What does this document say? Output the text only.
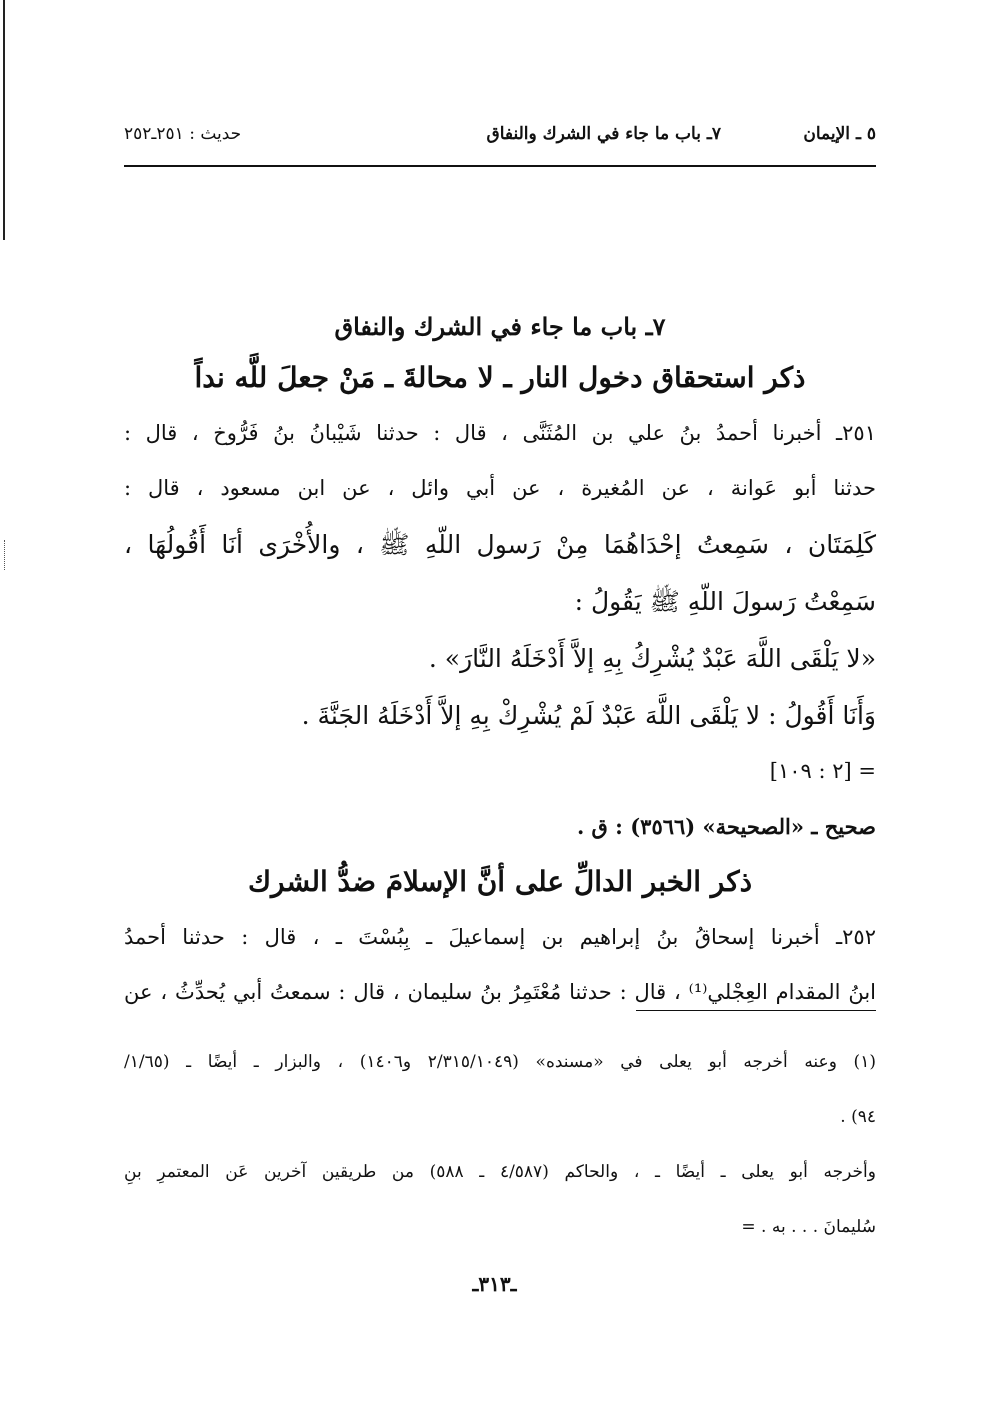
٥ ـ الإيمان
٧ـ باب ما جاء في الشرك والنفاق
حديث : ٢٥١ـ٢٥٢
٧ـ باب ما جاء في الشرك والنفاق
ذكر استحقاق دخول النار ـ لا محالةَ ـ مَنْ جعلَ للَّه نداً

٢٥١ـ أخبرنا أحمدُ بنُ علي بن المُثَنَّى ، قال : حدثنا شَيْبانُ بنُ فَرُّوخ ، قال :

حدثنا أبو عَوانة ، عن المُغيرة ، عن أبي وائل ، عن ابن مسعود ، قال :

كَلِمَتَان ، سَمِعتُ إحْدَاهُمَا مِنْ رَسول اللّهِ ﷺ ، والأُخْرَى أنَا أَقُولُهَا ،

سَمِعْتُ رَسولَ اللّهِ ﷺ يَقُولُ :

«لا يَلْقَى اللَّهَ عَبْدٌ يُشْرِكُ بِهِ إلاَّ أَدْخَلَهُ النَّارَ» .

وَأَنَا أَقُولُ : لا يَلْقَى اللَّهَ عَبْدٌ لَمْ يُشْرِكْ بِهِ إلاَّ أَدْخَلَهُ الجَنَّةَ .

= [٢ : ١٠٩]

صحيح ـ «الصحيحة» (٣٥٦٦) : ق .

ذكر الخبر الدالِّ على أنَّ الإسلامَ ضدُّ الشرك

٢٥٢ـ أخبرنا إسحاقُ بنُ إبراهيم بن إسماعيلَ ـ بِبُسْتَ ـ ، قال : حدثنا أحمدُ

ابنُ المقدام العِجْلي⁽¹⁾ ، قال : حدثنا مُعْتَمِرُ بنُ سليمان ، قال : سمعتُ أبي يُحدِّثُ ، عن

(١) وعنه أخرجه أبو يعلى في «مسنده» (٢/٣١٥/١٠٤٩ و١٤٠٦) ، والبزار ـ أيضًا ـ (١/٦٥/

٩٤) .

وأخرجه أبو يعلى ـ أيضًا ـ ، والحاكم (٤/٥٨٧ ـ ٥٨٨) من طريقين آخرين عَن المعتمرِ بنِ

سُليمانَ . . . به . =

ـ٣١٣ـ
